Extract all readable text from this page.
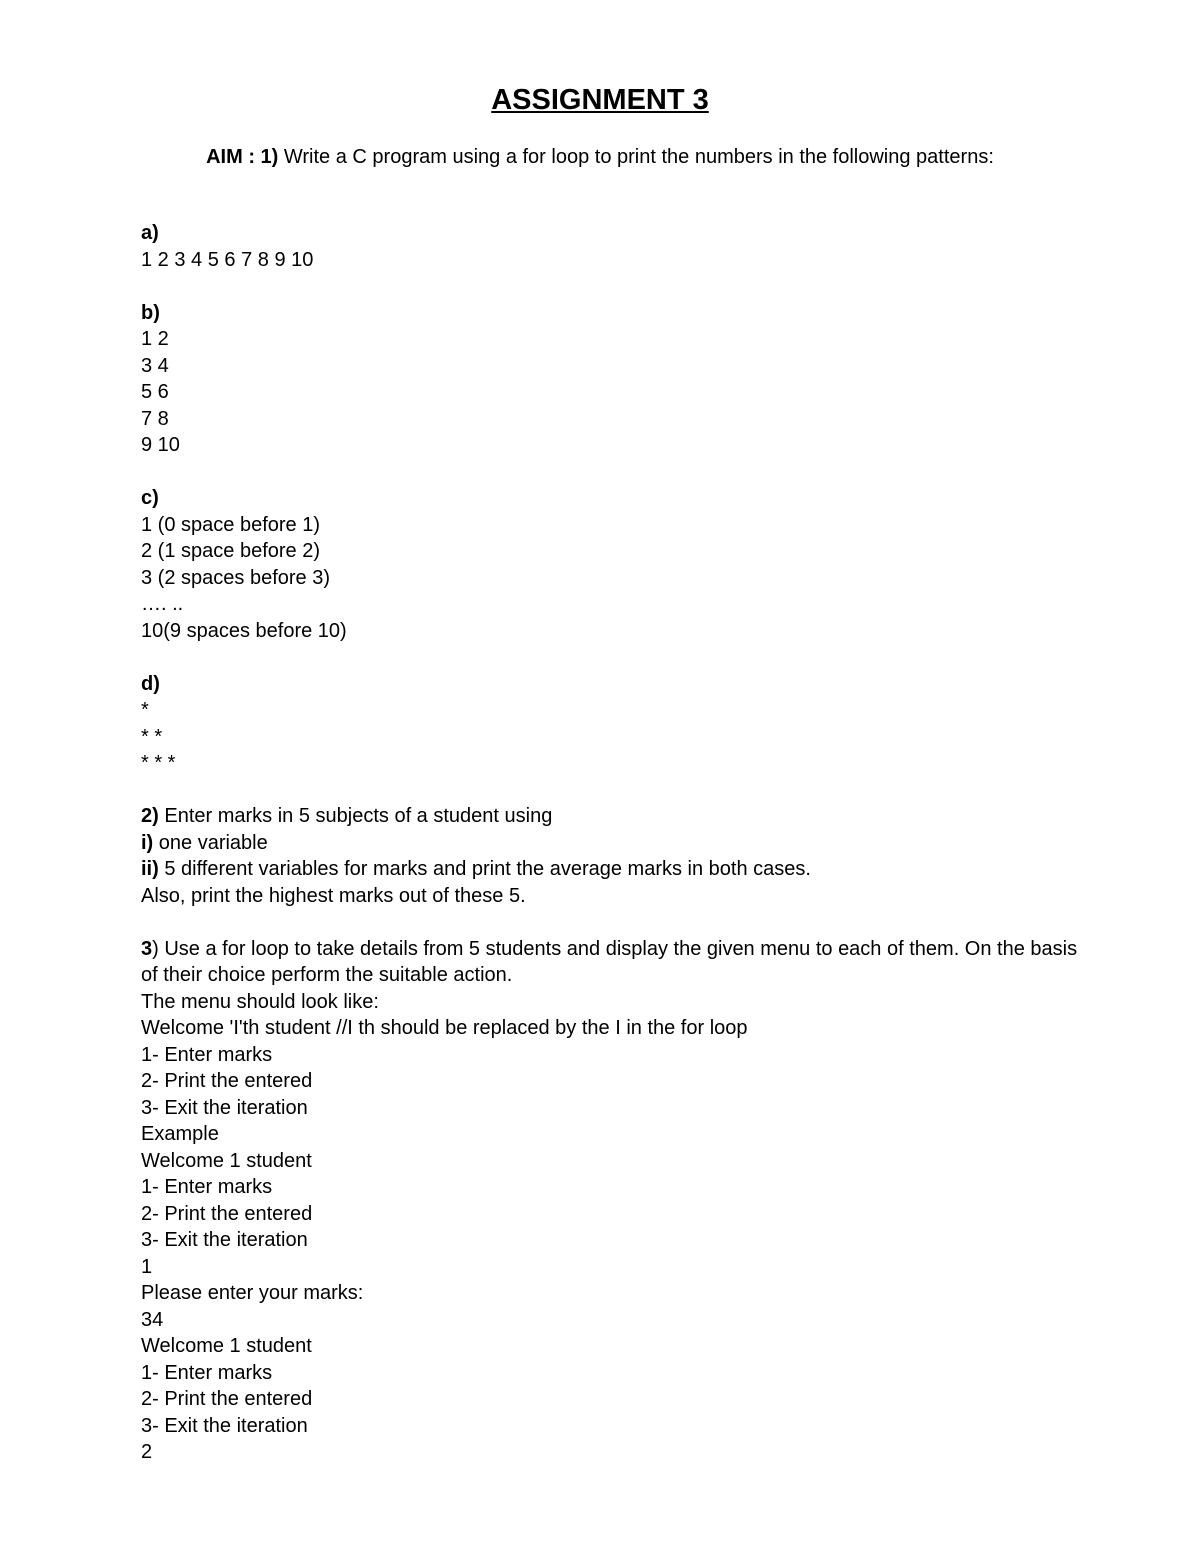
ASSIGNMENT 3
AIM : 1) Write a C program using a for loop to print the numbers in the following patterns:
a)
1 2 3 4 5 6 7 8 9 10
b)
1 2
3 4
5 6
7 8
9 10
c)
1 (0 space before 1)
2 (1 space before 2)
3 (2 spaces before 3)
…. ..
10(9 spaces before 10)
d)
*
* *
* * *
2) Enter marks in 5 subjects of a student using
i) one variable
ii) 5 different variables for marks and print the average marks in both cases.
Also, print the highest marks out of these 5.
3) Use a for loop to take details from 5 students and display the given menu to each of them. On the basis of their choice perform the suitable action.
The menu should look like:
Welcome 'I'th student //I th should be replaced by the I in the for loop
1- Enter marks
2- Print the entered
3- Exit the iteration
Example
Welcome 1 student
1- Enter marks
2- Print the entered
3- Exit the iteration
1
Please enter your marks:
34
Welcome 1 student
1- Enter marks
2- Print the entered
3- Exit the iteration
2
